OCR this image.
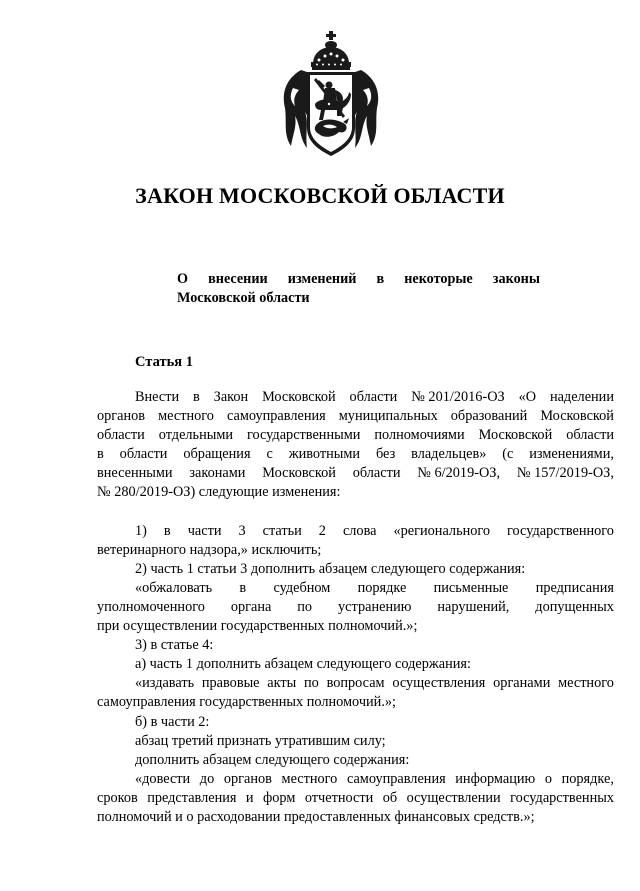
ЗАКОН МОСКОВСКОЙ ОБЛАСТИ
О внесении изменений в некоторые законы
Московской области
Статья 1
Внести в Закон Московской области № 201/2016-ОЗ «О наделении
органов местного самоуправления муниципальных образований Московской
области отдельными государственными полномочиями Московской области
в области обращения с животными без владельцев» (с изменениями,
внесенными законами Московской области № 6/2019-ОЗ, № 157/2019-ОЗ,
№ 280/2019-ОЗ) следующие изменения:
1) в части 3 статьи 2 слова «регионального государственного
ветеринарного надзора,» исключить;
2) часть 1 статьи 3 дополнить абзацем следующего содержания:
«обжаловать в судебном порядке письменные предписания
уполномоченного органа по устранению нарушений, допущенных
при осуществлении государственных полномочий.»;
3) в статье 4:
а) часть 1 дополнить абзацем следующего содержания:
«издавать правовые акты по вопросам осуществления органами местного
самоуправления государственных полномочий.»;
б) в части 2:
абзац третий признать утратившим силу;
дополнить абзацем следующего содержания:
«довести до органов местного самоуправления информацию о порядке,
сроков представления и форм отчетности об осуществлении государственных
полномочий и о расходовании предоставленных финансовых средств.»;
